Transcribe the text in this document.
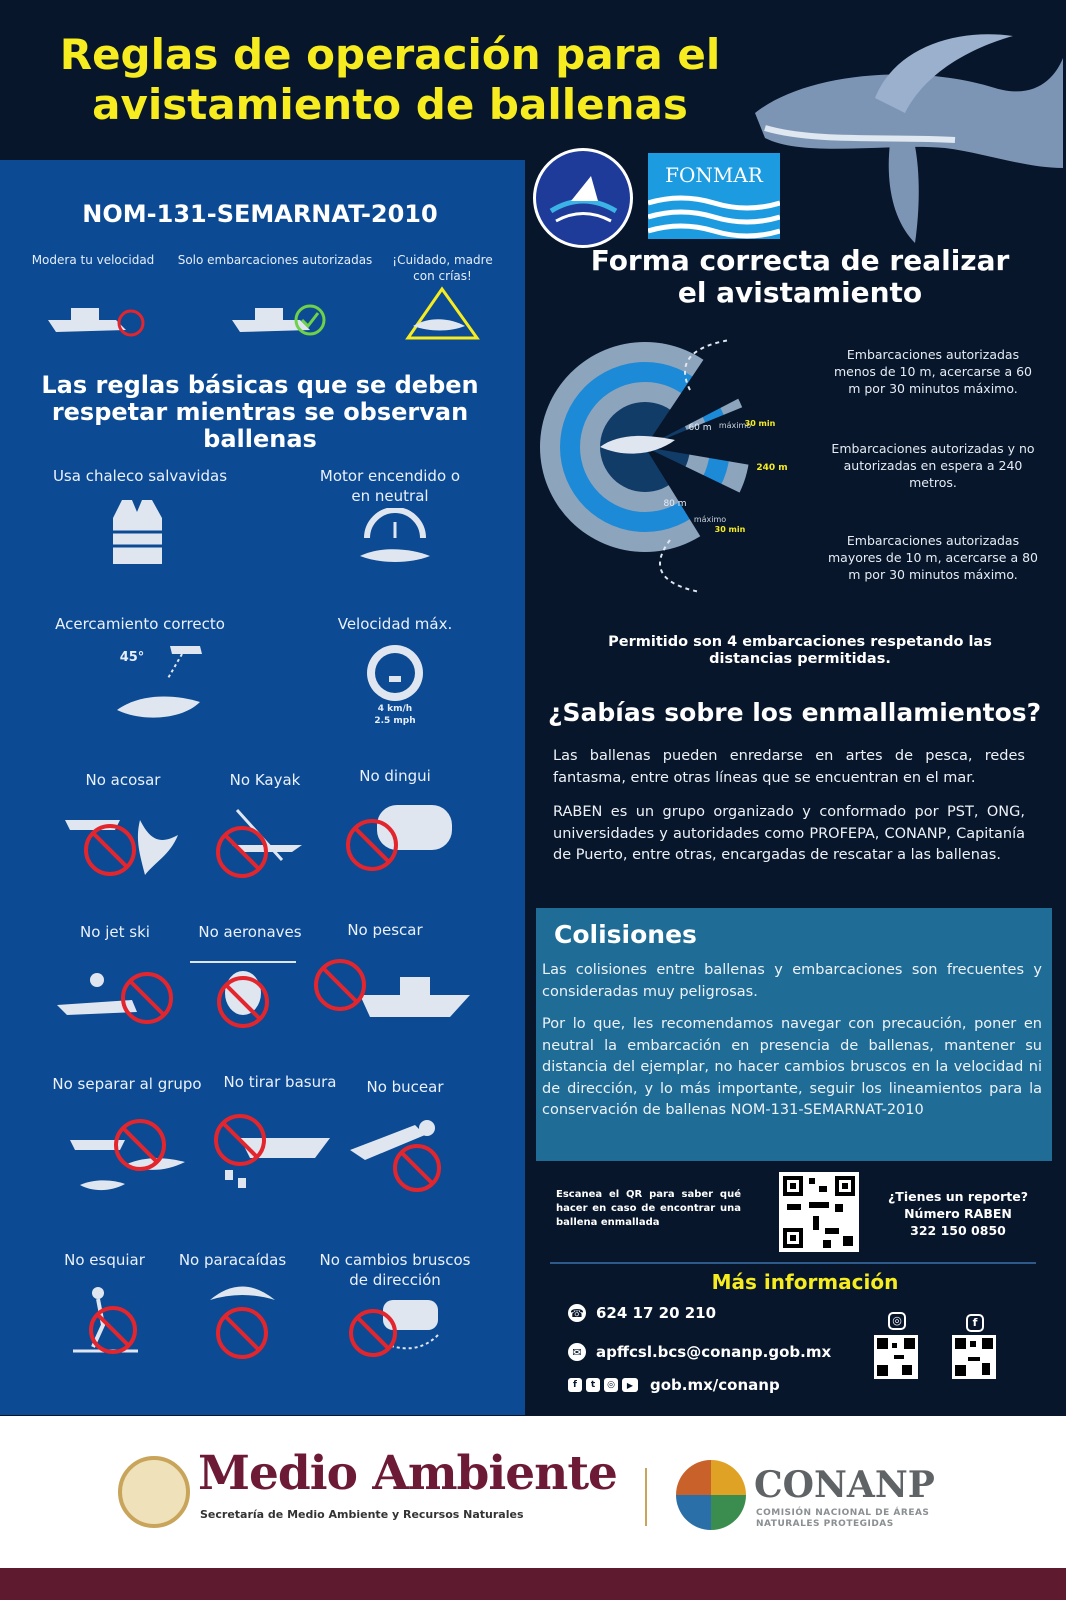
Reglas de operación para el avistamiento de ballenas
FONMAR
NOM-131-SEMARNAT-2010
Modera tu velocidad	Solo embarcaciones autorizadas	¡Cuidado, madre con crías!
Las reglas básicas que se deben respetar mientras se observan ballenas
Usa chaleco salvavidas	Motor encendido o en neutral
Acercamiento correcto	Velocidad máx.
45°
4 km/h
2.5 mph
No acosar	No Kayak	No dingui
No jet ski	No aeronaves	No pescar
No separar al grupo	No tirar basura	No bucear
No esquiar	No paracaídas	No cambios bruscos de dirección
Forma correcta de realizar el avistamiento
60 m máximo
30 min
240 m
80 m
máximo
30 min
Embarcaciones autorizadas menos de 10 m, acercarse a 60 m por 30 minutos máximo.
Embarcaciones autorizadas y no autorizadas en espera a 240 metros.
Embarcaciones autorizadas mayores de 10 m, acercarse a 80 m por 30 minutos máximo.
Permitido son 4 embarcaciones respetando las distancias permitidas.
¿Sabías sobre los enmallamientos?
Las ballenas pueden enredarse en artes de pesca, redes fantasma, entre otras líneas que se encuentran en el mar.
RABEN es un grupo organizado y conformado por PST, ONG, universidades y autoridades como PROFEPA, CONANP, Capitanía de Puerto, entre otras, encargadas de rescatar a las ballenas.
Colisiones
Las colisiones entre ballenas y embarcaciones son frecuentes y consideradas muy peligrosas.
Por lo que, les recomendamos navegar con precaución, poner en neutral la embarcación en presencia de ballenas, mantener su distancia del ejemplar, no hacer cambios bruscos en la velocidad ni de dirección, y lo más importante, seguir los lineamientos para la conservación de ballenas NOM-131-SEMARNAT-2010
Escanea el QR para saber qué hacer en caso de encontrar una ballena enmallada
¿Tienes un reporte?
Número RABEN
322 150 0850
Más información
☎ 624 17 20 210
✉ apffcsl.bcs@conanp.gob.mx
f	t	◎	▶	gob.mx/conanp
◎	f
Medio Ambiente
Secretaría de Medio Ambiente y Recursos Naturales
CONANP
COMISIÓN NACIONAL DE ÁREAS
NATURALES PROTEGIDAS
